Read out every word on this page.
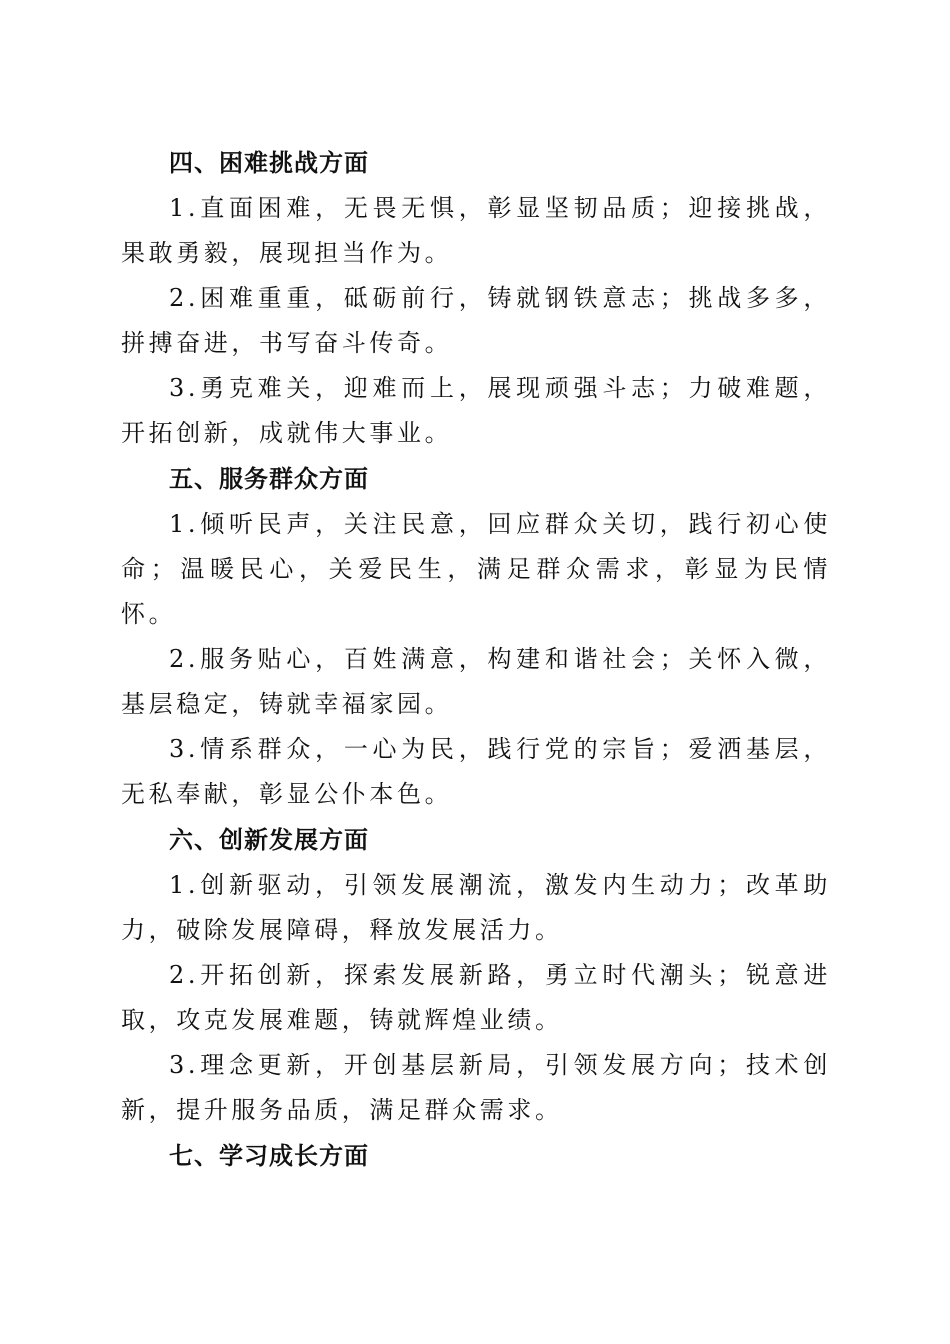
四、困难挑战方面

1.直面困难，无畏无惧，彰显坚韧品质；迎接挑战，果敢勇毅，展现担当作为。

2.困难重重，砥砺前行，铸就钢铁意志；挑战多多，拼搏奋进，书写奋斗传奇。

3.勇克难关，迎难而上，展现顽强斗志；力破难题，开拓创新，成就伟大事业。

五、服务群众方面

1.倾听民声，关注民意，回应群众关切，践行初心使命；温暖民心，关爱民生，满足群众需求，彰显为民情怀。

2.服务贴心，百姓满意，构建和谐社会；关怀入微，基层稳定，铸就幸福家园。

3.情系群众，一心为民，践行党的宗旨；爱洒基层，无私奉献，彰显公仆本色。

六、创新发展方面

1.创新驱动，引领发展潮流，激发内生动力；改革助力，破除发展障碍，释放发展活力。

2.开拓创新，探索发展新路，勇立时代潮头；锐意进取，攻克发展难题，铸就辉煌业绩。

3.理念更新，开创基层新局，引领发展方向；技术创新，提升服务品质，满足群众需求。

七、学习成长方面
